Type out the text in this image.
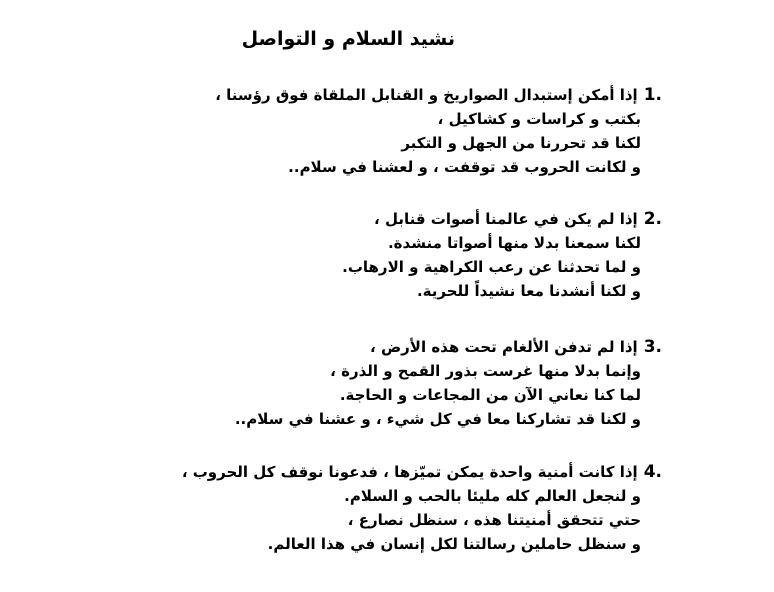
نشيد السلام و التواصل
1.إذا أمكن إستبدال الصواريخ و القنابل الملقاة فوق رؤسنا ،
بكتب و كراسات و كشاكيل ،
لكنا قد تحررنا من الجهل و التكبر
و لكانت الحروب قد توقفت ، و لعشنا في سلام..
2.إذا لم يكن في عالمنا أصوات قنابل ،
لكنا سمعنا بدلا منها أصواتا منشدة.
و لما تحدثنا عن رعب الكراهية و الارهاب.
و لكنا أنشدنا معا نشيداً للحرية.
3.إذا لم تدفن الألغام تحت هذه الأرض ،
وإنما بدلا منها غرست بذور القمح و الذرة ،
لما كنا نعاني الآن من المجاعات و الحاجة.
و لكنا قد تشاركنا معا في كل شيء ، و عشنا في سلام..
4.إذا كانت أمنية واحدة يمكن تميّزها ، فدعونا نوقف كل الحروب ،
و لنجعل العالم كله مليئا بالحب و السلام.
حتي تتحقق أمنيتنا هذه ، سنظل نصارع ،
و سنظل حاملين رسالتنا لكل إنسان في هذا العالم.
